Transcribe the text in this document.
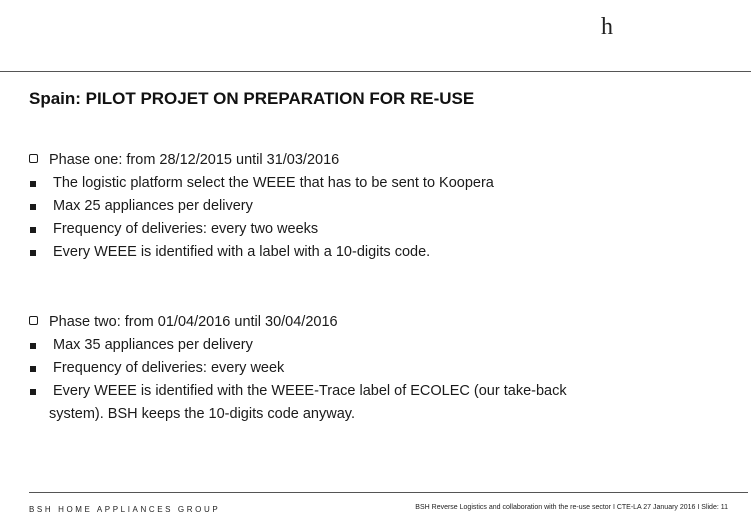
h
Spain: PILOT PROJET ON PREPARATION FOR RE-USE
Phase one: from 28/12/2015 until 31/03/2016
The logistic platform select the WEEE that has to be sent to Koopera
Max 25 appliances per delivery
Frequency of deliveries: every two weeks
Every WEEE is identified with a label with a 10-digits code.
Phase two: from 01/04/2016 until 30/04/2016
Max 35 appliances per delivery
Frequency of deliveries: every week
Every WEEE is identified with the WEEE-Trace label of ECOLEC (our take-back
system). BSH keeps the 10-digits code anyway.
BSH HOME APPLIANCES GROUP	BSH Reverse Logistics and collaboration with the re-use sector I CTE-LA 27 January 2016 I Slide: 11
